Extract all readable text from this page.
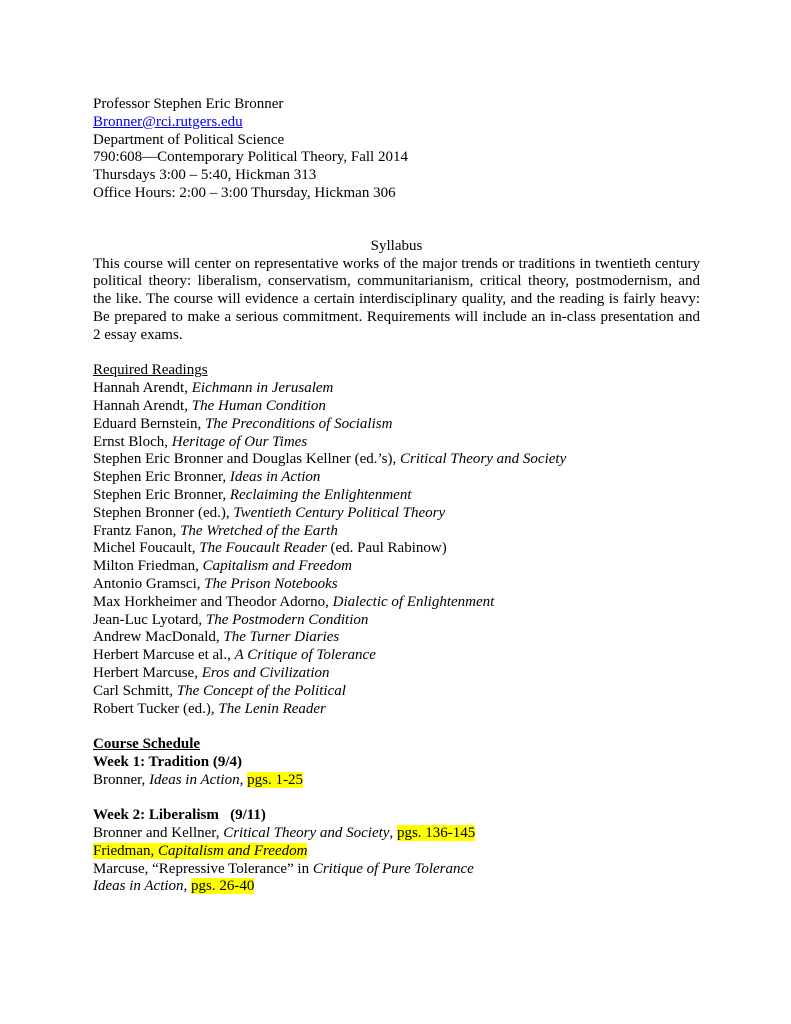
Professor Stephen Eric Bronner
Bronner@rci.rutgers.edu
Department of Political Science
790:608—Contemporary Political Theory, Fall 2014
Thursdays 3:00 – 5:40, Hickman 313
Office Hours: 2:00 – 3:00 Thursday, Hickman 306
Syllabus
This course will center on representative works of the major trends or traditions in twentieth century political theory: liberalism, conservatism, communitarianism, critical theory, postmodernism, and the like. The course will evidence a certain interdisciplinary quality, and the reading is fairly heavy: Be prepared to make a serious commitment. Requirements will include an in-class presentation and 2 essay exams.
Required Readings
Hannah Arendt, Eichmann in Jerusalem
Hannah Arendt, The Human Condition
Eduard Bernstein, The Preconditions of Socialism
Ernst Bloch, Heritage of Our Times
Stephen Eric Bronner and Douglas Kellner (ed.’s), Critical Theory and Society
Stephen Eric Bronner, Ideas in Action
Stephen Eric Bronner, Reclaiming the Enlightenment
Stephen Bronner (ed.), Twentieth Century Political Theory
Frantz Fanon, The Wretched of the Earth
Michel Foucault, The Foucault Reader (ed. Paul Rabinow)
Milton Friedman, Capitalism and Freedom
Antonio Gramsci, The Prison Notebooks
Max Horkheimer and Theodor Adorno, Dialectic of Enlightenment
Jean-Luc Lyotard, The Postmodern Condition
Andrew MacDonald, The Turner Diaries
Herbert Marcuse et al., A Critique of Tolerance
Herbert Marcuse, Eros and Civilization
Carl Schmitt, The Concept of the Political
Robert Tucker (ed.), The Lenin Reader
Course Schedule
Week 1: Tradition (9/4)
Bronner, Ideas in Action, pgs. 1-25
Week 2: Liberalism   (9/11)
Bronner and Kellner, Critical Theory and Society, pgs. 136-145
Friedman, Capitalism and Freedom
Marcuse, “Repressive Tolerance” in Critique of Pure Tolerance
Ideas in Action, pgs. 26-40
